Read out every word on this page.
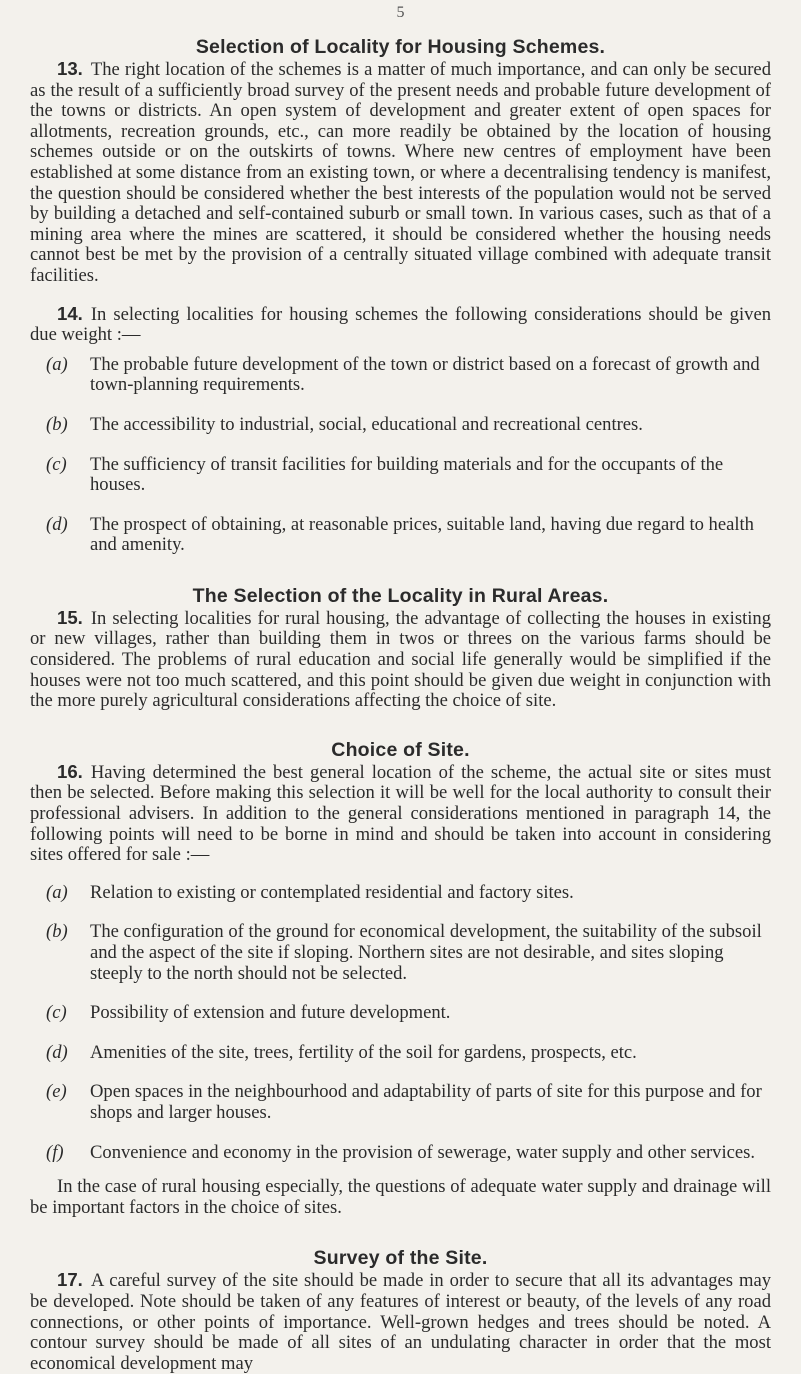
5
Selection of Locality for Housing Schemes.

13. The right location of the schemes is a matter of much importance, and can only be secured as the result of a sufficiently broad survey of the present needs and probable future development of the towns or districts. An open system of development and greater extent of open spaces for allotments, recreation grounds, etc., can more readily be obtained by the location of housing schemes outside or on the outskirts of towns. Where new centres of employment have been established at some distance from an existing town, or where a decentralising tendency is manifest, the question should be considered whether the best interests of the population would not be served by building a detached and self-contained suburb or small town. In various cases, such as that of a mining area where the mines are scattered, it should be considered whether the housing needs cannot best be met by the provision of a centrally situated village combined with adequate transit facilities.

14. In selecting localities for housing schemes the following considerations should be given due weight :—

(a)	The probable future development of the town or district based on a forecast of growth and town-planning requirements.
(b)	The accessibility to industrial, social, educational and recreational centres.
(c)	The sufficiency of transit facilities for building materials and for the occupants of the houses.
(d)	The prospect of obtaining, at reasonable prices, suitable land, having due regard to health and amenity.
The Selection of the Locality in Rural Areas.

15. In selecting localities for rural housing, the advantage of collecting the houses in existing or new villages, rather than building them in twos or threes on the various farms should be considered. The problems of rural education and social life generally would be simplified if the houses were not too much scattered, and this point should be given due weight in conjunction with the more purely agricultural considerations affecting the choice of site.

Choice of Site.

16. Having determined the best general location of the scheme, the actual site or sites must then be selected. Before making this selection it will be well for the local authority to consult their professional advisers. In addition to the general considerations mentioned in paragraph 14, the following points will need to be borne in mind and should be taken into account in considering sites offered for sale :—

(a)	Relation to existing or contemplated residential and factory sites.
(b)	The configuration of the ground for economical development, the suitability of the subsoil and the aspect of the site if sloping. Northern sites are not desirable, and sites sloping steeply to the north should not be selected.
(c)	Possibility of extension and future development.
(d)	Amenities of the site, trees, fertility of the soil for gardens, prospects, etc.
(e)	Open spaces in the neighbourhood and adaptability of parts of site for this purpose and for shops and larger houses.
(f)	Convenience and economy in the provision of sewerage, water supply and other services.

In the case of rural housing especially, the questions of adequate water supply and drainage will be important factors in the choice of sites.

Survey of the Site.

17. A careful survey of the site should be made in order to secure that all its advantages may be developed. Note should be taken of any features of interest or beauty, of the levels of any road connections, or other points of importance. Well-grown hedges and trees should be noted. A contour survey should be made of all sites of an undulating character in order that the most economical development may
